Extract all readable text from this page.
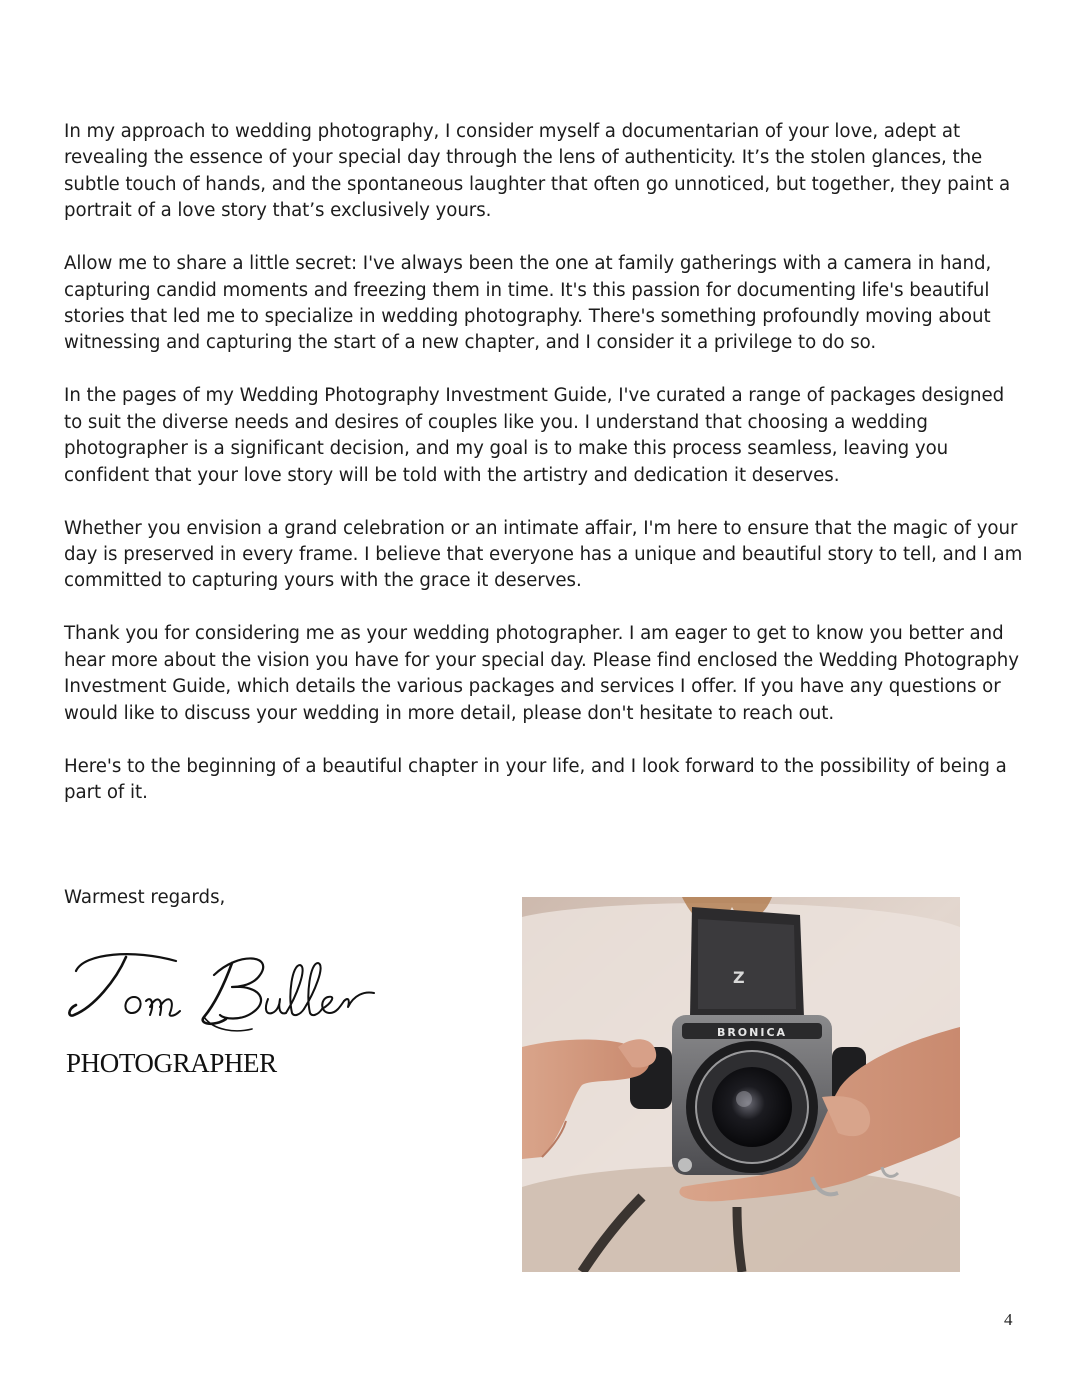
In my approach to wedding photography, I consider myself a documentarian of your love, adept at revealing the essence of your special day through the lens of authenticity. It’s the stolen glances, the subtle touch of hands, and the spontaneous laughter that often go unnoticed, but together, they paint a portrait of a love story that’s exclusively yours.

Allow me to share a little secret: I've always been the one at family gatherings with a camera in hand, capturing candid moments and freezing them in time. It's this passion for documenting life's beautiful stories that led me to specialize in wedding photography. There's something profoundly moving about witnessing and capturing the start of a new chapter, and I consider it a privilege to do so.

In the pages of my Wedding Photography Investment Guide, I've curated a range of packages designed to suit the diverse needs and desires of couples like you. I understand that choosing a wedding photographer is a significant decision, and my goal is to make this process seamless, leaving you confident that your love story will be told with the artistry and dedication it deserves.

Whether you envision a grand celebration or an intimate affair, I'm here to ensure that the magic of your day is preserved in every frame. I believe that everyone has a unique and beautiful story to tell, and I am committed to capturing yours with the grace it deserves.

Thank you for considering me as your wedding photographer. I am eager to get to know you better and hear more about the vision you have for your special day. Please find enclosed the Wedding Photography Investment Guide, which details the various packages and services I offer. If you have any questions or would like to discuss your wedding in more detail, please don't hesitate to reach out.

Here's to the beginning of a beautiful chapter in your life, and I look forward to the possibility of being a part of it.

Warmest regards,

PHOTOGRAPHER

Z
BRONICA

4
